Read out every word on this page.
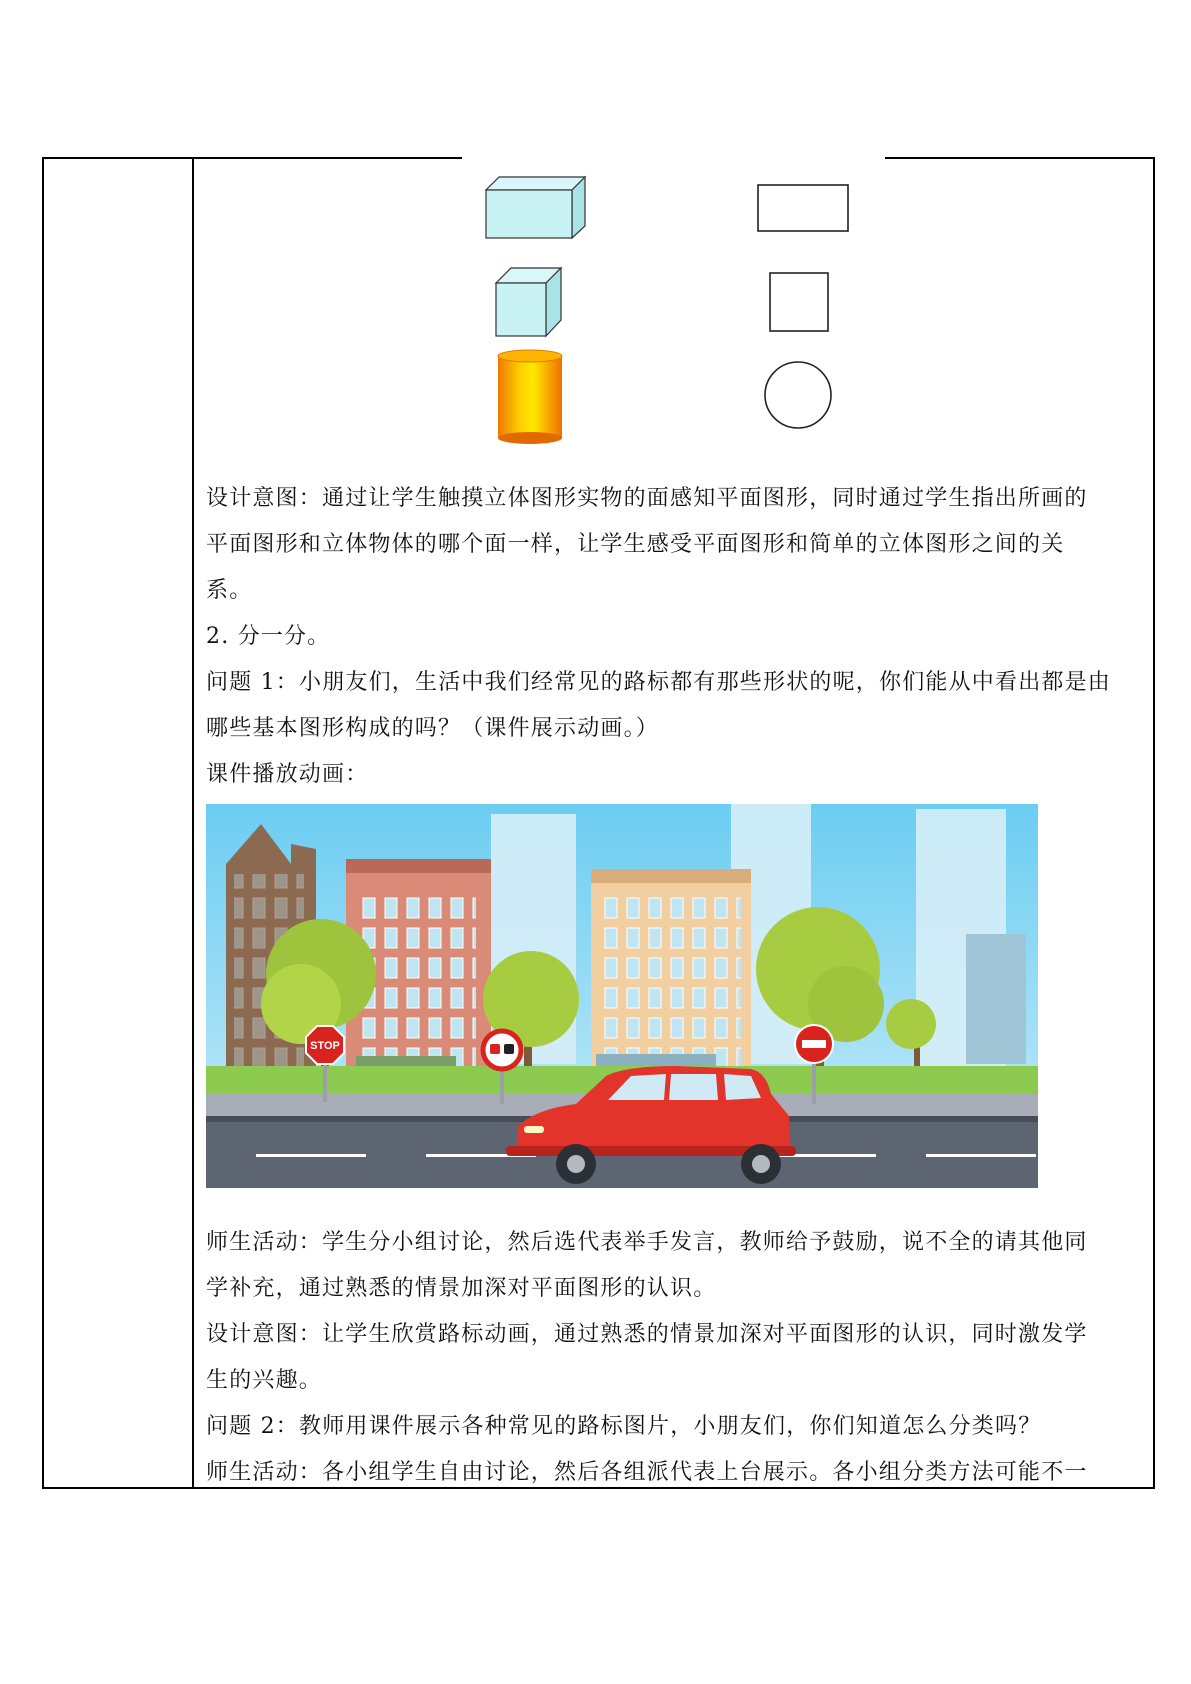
设计意图：通过让学生触摸立体图形实物的面感知平面图形，同时通过学生指出所画的
平面图形和立体物体的哪个面一样，让学生感受平面图形和简单的立体图形之间的关
系。
2. 分一分。
问题 1：小朋友们，生活中我们经常见的路标都有那些形状的呢，你们能从中看出都是由
哪些基本图形构成的吗？（课件展示动画。）
课件播放动画：
STOP
师生活动：学生分小组讨论，然后选代表举手发言，教师给予鼓励，说不全的请其他同
学补充，通过熟悉的情景加深对平面图形的认识。
设计意图：让学生欣赏路标动画，通过熟悉的情景加深对平面图形的认识，同时激发学
生的兴趣。
问题 2：教师用课件展示各种常见的路标图片，小朋友们，你们知道怎么分类吗？
师生活动：各小组学生自由讨论，然后各组派代表上台展示。各小组分类方法可能不一
